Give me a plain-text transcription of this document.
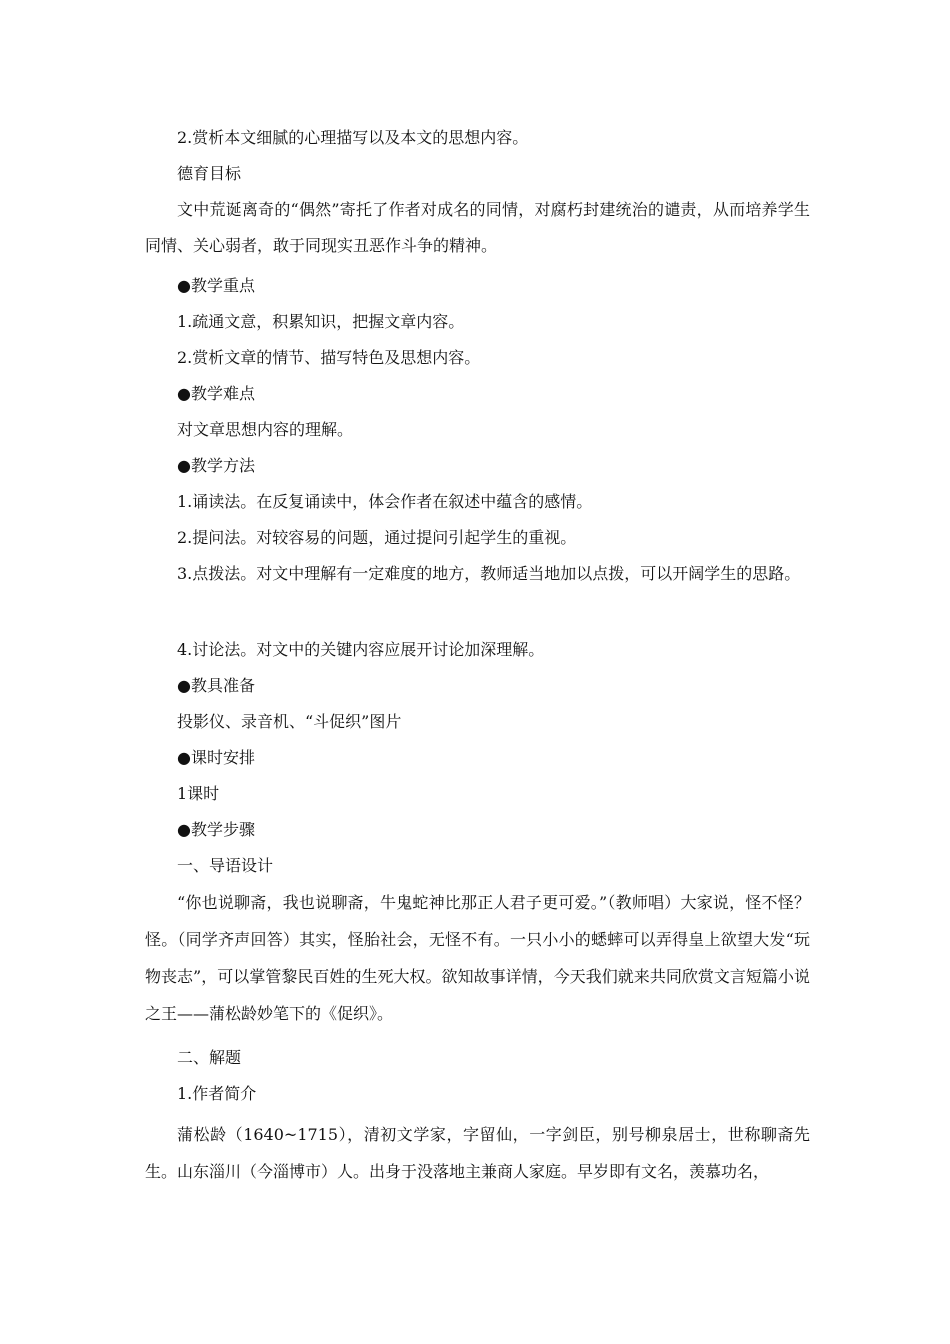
2.赏析本文细腻的心理描写以及本文的思想内容。

德育目标

文中荒诞离奇的“偶然”寄托了作者对成名的同情，对腐朽封建统治的谴责，从而培养学生同情、关心弱者，敢于同现实丑恶作斗争的精神。

●教学重点

1.疏通文意，积累知识，把握文章内容。

2.赏析文章的情节、描写特色及思想内容。

●教学难点

对文章思想内容的理解。

●教学方法

1.诵读法。在反复诵读中，体会作者在叙述中蕴含的感情。

2.提问法。对较容易的问题，通过提问引起学生的重视。

3.点拨法。对文中理解有一定难度的地方，教师适当地加以点拨，可以开阔学生的思路。

4.讨论法。对文中的关键内容应展开讨论加深理解。

●教具准备

投影仪、录音机、“斗促织”图片

●课时安排

1课时

●教学步骤

一、导语设计

“你也说聊斋，我也说聊斋，牛鬼蛇神比那正人君子更可爱。”（教师唱）大家说，怪不怪？怪。（同学齐声回答）其实，怪胎社会，无怪不有。一只小小的蟋蟀可以弄得皇上欲望大发“玩物丧志”，可以掌管黎民百姓的生死大权。欲知故事详情，今天我们就来共同欣赏文言短篇小说之王——蒲松龄妙笔下的《促织》。

二、解题

1.作者简介

蒲松龄（1640~1715），清初文学家，字留仙，一字剑臣，别号柳泉居士，世称聊斋先生。山东淄川（今淄博市）人。出身于没落地主兼商人家庭。早岁即有文名，羡慕功名，
